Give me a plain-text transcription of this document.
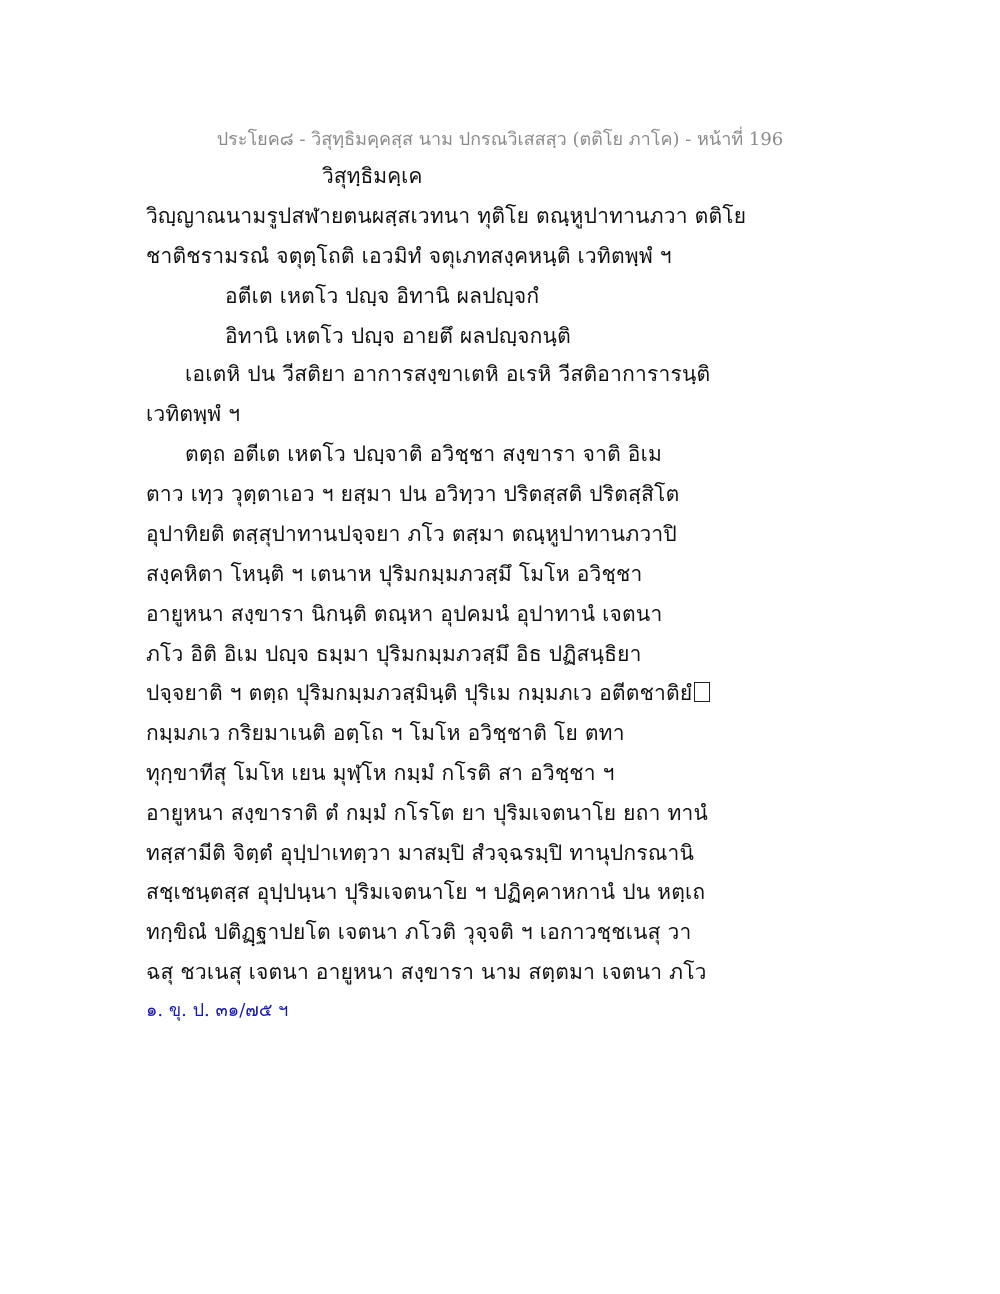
ประโยค๘ - วิสุทฺธิมคฺคสฺส นาม ปกรณวิเสสสฺว (ตติโย ภาโค) - หน้าที่ 196
วิสุทฺธิมคฺเค
วิญฺญาณนามรูปสฬายตนผสฺสเวทนา ทุติโย ตณฺหูปาทานภวา ตติโย
ชาติชรามรณํ จตุตฺโถติ เอวมิทํ จตุเภทสงฺคหนฺติ เวทิตพฺพํ ฯ
อตีเต เหตโว ปญฺจ อิทานิ ผลปญฺจกํ
อิทานิ เหตโว ปญฺจ อายตึ ผลปญฺจกนฺติ
เอเตหิ ปน วีสติยา อาการสงฺขาเตหิ อเรหิ วีสติอาการารนฺติ
เวทิตพฺพํ ฯ
ตตฺถ อตีเต เหตโว ปญฺจาติ อวิชฺชา สงฺขารา จาติ อิเม
ตาว เทฺว วุตฺตาเอว ฯ ยสฺมา ปน อวิทฺวา ปริตสฺสติ ปริตสฺสิโต
อุปาทิยติ ตสฺสุปาทานปจฺจยา ภโว ตสฺมา ตณฺหูปาทานภวาปิ
สงฺคหิตา โหนฺติ ฯ เตนาห ปุริมกมฺมภวสฺมึ โมโห อวิชฺชา
อายูหนา สงฺขารา นิกนฺติ ตณฺหา อุปคมนํ อุปาทานํ เจตนา
ภโว อิติ อิเม ปญฺจ ธมฺมา ปุริมกมฺมภวสฺมึ อิธ ปฏิสนฺธิยา
ปจฺจยาติ ฯ ตตฺถ ปุริมกมฺมภวสฺมินฺติ ปุริเม กมฺมภเว อตีตชาติยํ
กมฺมภเว กริยมาเนติ อตฺโถ ฯ โมโห อวิชฺชาติ โย ตทา
ทุกฺขาทีสุ โมโห เยน มุฬฺโห กมฺมํ กโรติ สา อวิชฺชา ฯ
อายูหนา สงฺขาราติ ตํ กมฺมํ กโรโต ยา ปุริมเจตนาโย ยถา ทานํ
ทสฺสามีติ จิตฺตํ อุปฺปาเทตฺวา มาสมฺปิ สํวจฺฉรมฺปิ ทานุปกรณานิ
สชฺเชนฺตสฺส อุปฺปนฺนา ปุริมเจตนาโย ฯ ปฏิคฺคาหกานํ ปน หตฺเถ
ทกฺขิณํ ปติฏฺฐาปยโต เจตนา ภโวติ วุจฺจติ ฯ เอกาวชฺชเนสุ วา
ฉสุ ชวเนสุ เจตนา อายูหนา สงฺขารา นาม สตฺตมา เจตนา ภโว
๑. ขุ. ป. ๓๑/๗๕ ฯ
